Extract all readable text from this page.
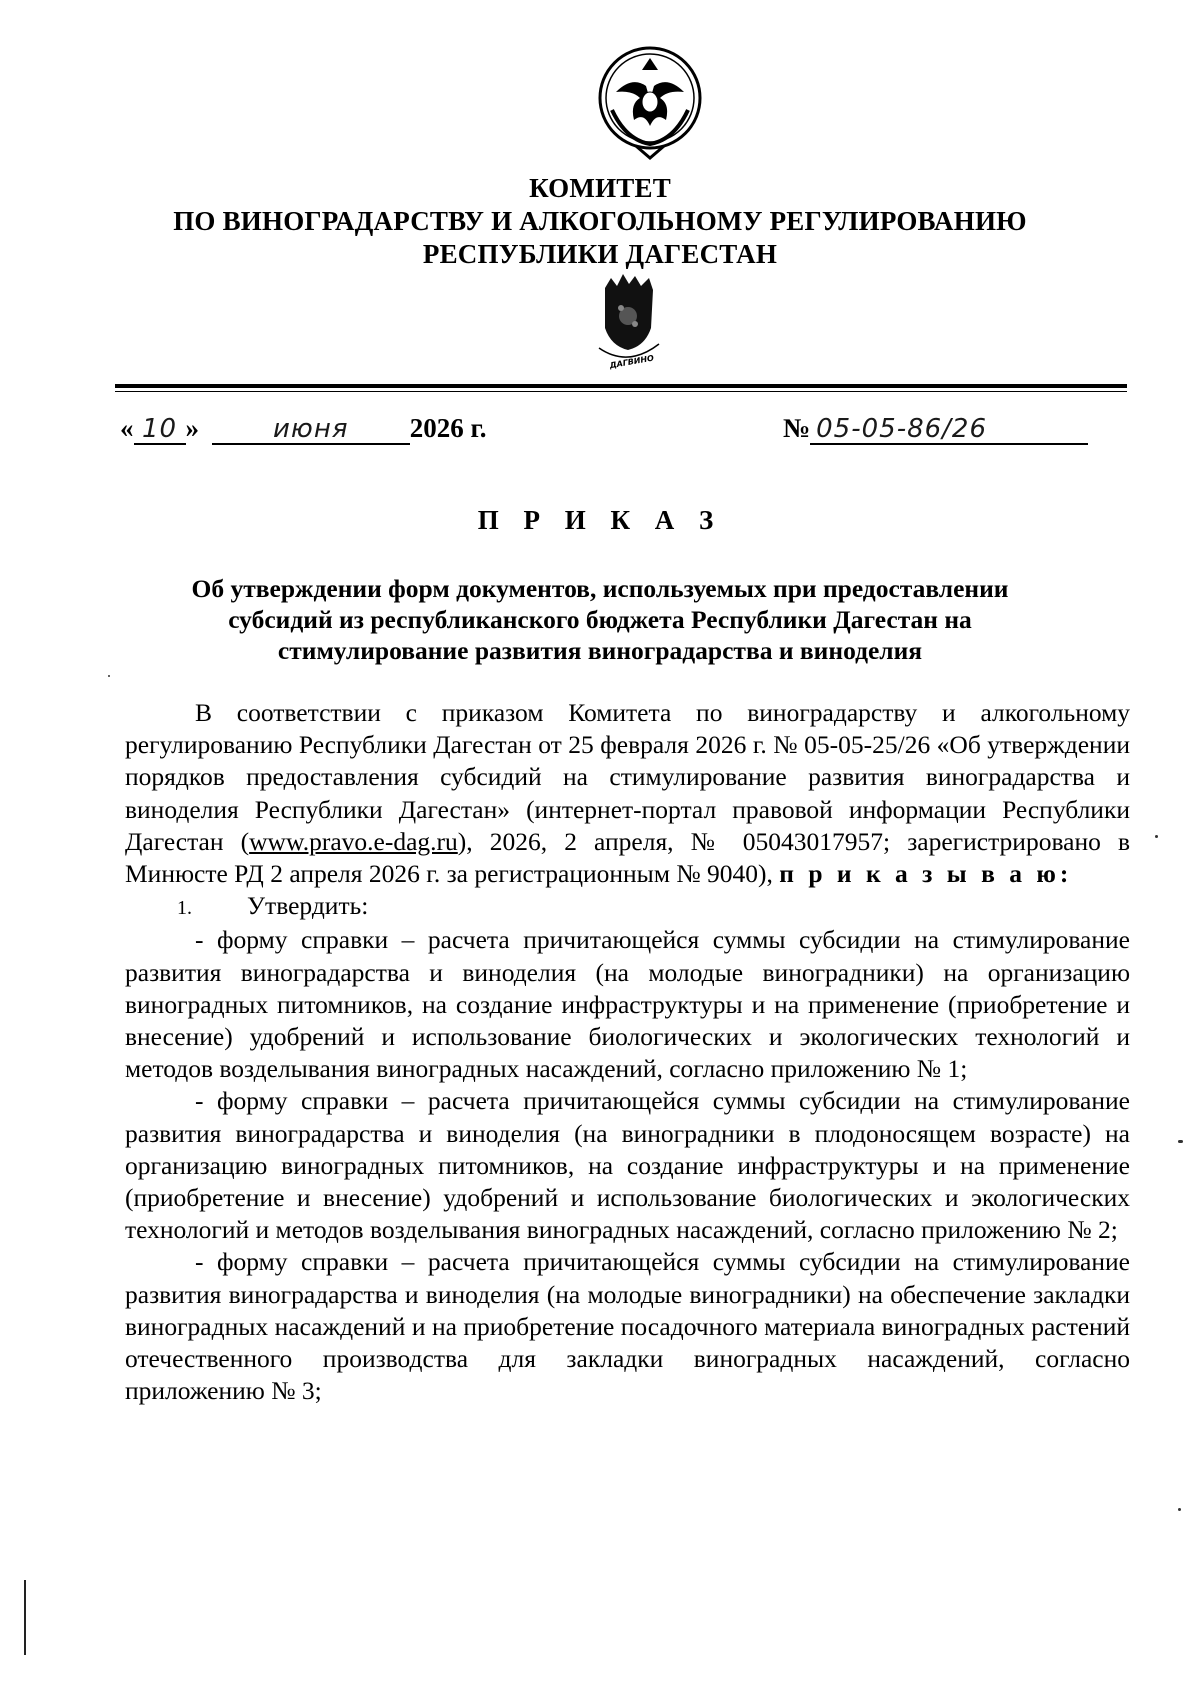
КОМИТЕТ
ПО ВИНОГРАДАРСТВУ И АЛКОГОЛЬНОМУ РЕГУЛИРОВАНИЮ
РЕСПУБЛИКИ ДАГЕСТАН
ДАГВИНО
« 10 »	июня 2026 г.	№ 05-05-86/26
П Р И К А З
Об утверждении форм документов, используемых при предоставлении
субсидий из республиканского бюджета Республики Дагестан на
стимулирование развития виноградарства и виноделия

В соответствии с приказом Комитета по виноградарству и алкогольному регулированию Республики Дагестан от 25 февраля 2026 г. № 05-05-25/26 «Об утверждении порядков предоставления субсидий на стимулирование развития виноградарства и виноделия Республики Дагестан» (интернет-портал правовой информации Республики Дагестан (www.pravo.e-dag.ru), 2026, 2 апреля, № 05043017957; зарегистрировано в Минюсте РД 2 апреля 2026 г. за регистрационным № 9040), п р и к а з ы в а ю:

1. Утвердить:

- форму справки – расчета причитающейся суммы субсидии на стимулирование развития виноградарства и виноделия (на молодые виноградники) на организацию виноградных питомников, на создание инфраструктуры и на применение (приобретение и внесение) удобрений и использование биологических и экологических технологий и методов возделывания виноградных насаждений, согласно приложению № 1;

- форму справки – расчета причитающейся суммы субсидии на стимулирование развития виноградарства и виноделия (на виноградники в плодоносящем возрасте) на организацию виноградных питомников, на создание инфраструктуры и на применение (приобретение и внесение) удобрений и использование биологических и экологических технологий и методов возделывания виноградных насаждений, согласно приложению № 2;

- форму справки – расчета причитающейся суммы субсидии на стимулирование развития виноградарства и виноделия (на молодые виноградники) на обеспечение закладки виноградных насаждений и на приобретение посадочного материала виноградных растений отечественного производства для закладки виноградных насаждений, согласно приложению № 3;
